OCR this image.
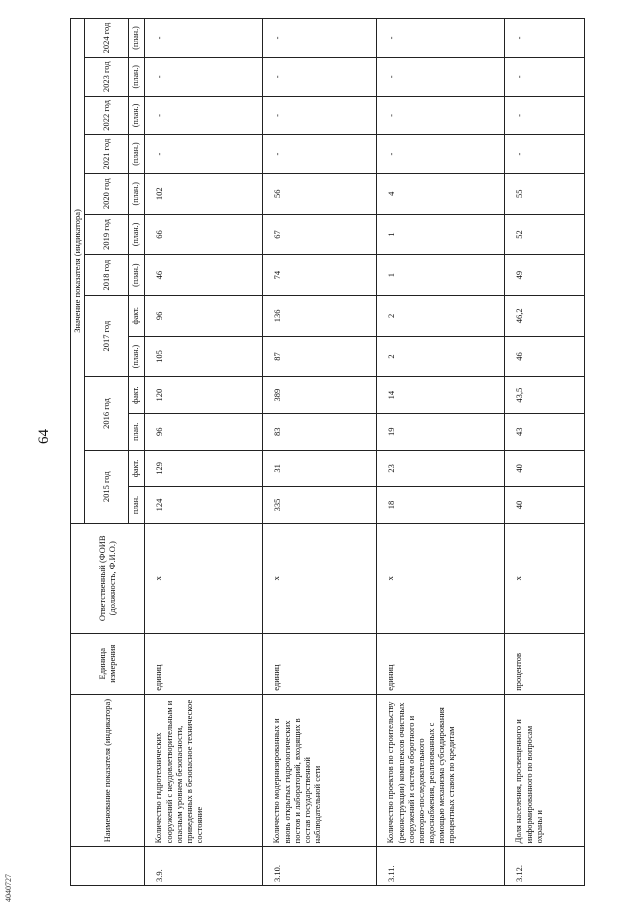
64
4040727
	Наименование показателя (индикатора)	Единица измерения	Ответственный (ФОИВ (должность, Ф.И.О.)	Значение показателя (индикатора)												
				2015 год		2016 год		2017 год		2018 год	2019 год	2020 год	2021 год	2022 год	2023 год	2024 год
				план.	факт.	план.	факт.	(план.)	факт.	(план.)	(план.)	(план.)	(план.)	(план.)	(план.)	(план.)
3.9.	Количество гидротехнических сооружений с неудовлетворительным и опасным уровнем безопасности, приведенных в безопасное техническое состояние	единиц	x	124	129	96	120	105	96	46	66	102	-	-	-	-
3.10.	Количество модернизированных и вновь открытых гидрологических постов и лабораторий, входящих в состав государственной наблюдательной сети	единиц	x	335	31	83	389	87	136	74	67	56	-	-	-	-
3.11.	Количество проектов по строительству (реконструкции) комплексов очистных сооружений и систем оборотного и повторно-последовательного водоснабжения, реализованных с помощью механизма субсидирования процентных ставок по кредитам	единиц	x	18	23	19	14	2	2	1	1	4	-	-	-	-
3.12.	Доля населения, просвещенного и информированного по вопросам охраны и	процентов	x	40	40	43	43,5	46	46,2	49	52	55	-	-	-	-
